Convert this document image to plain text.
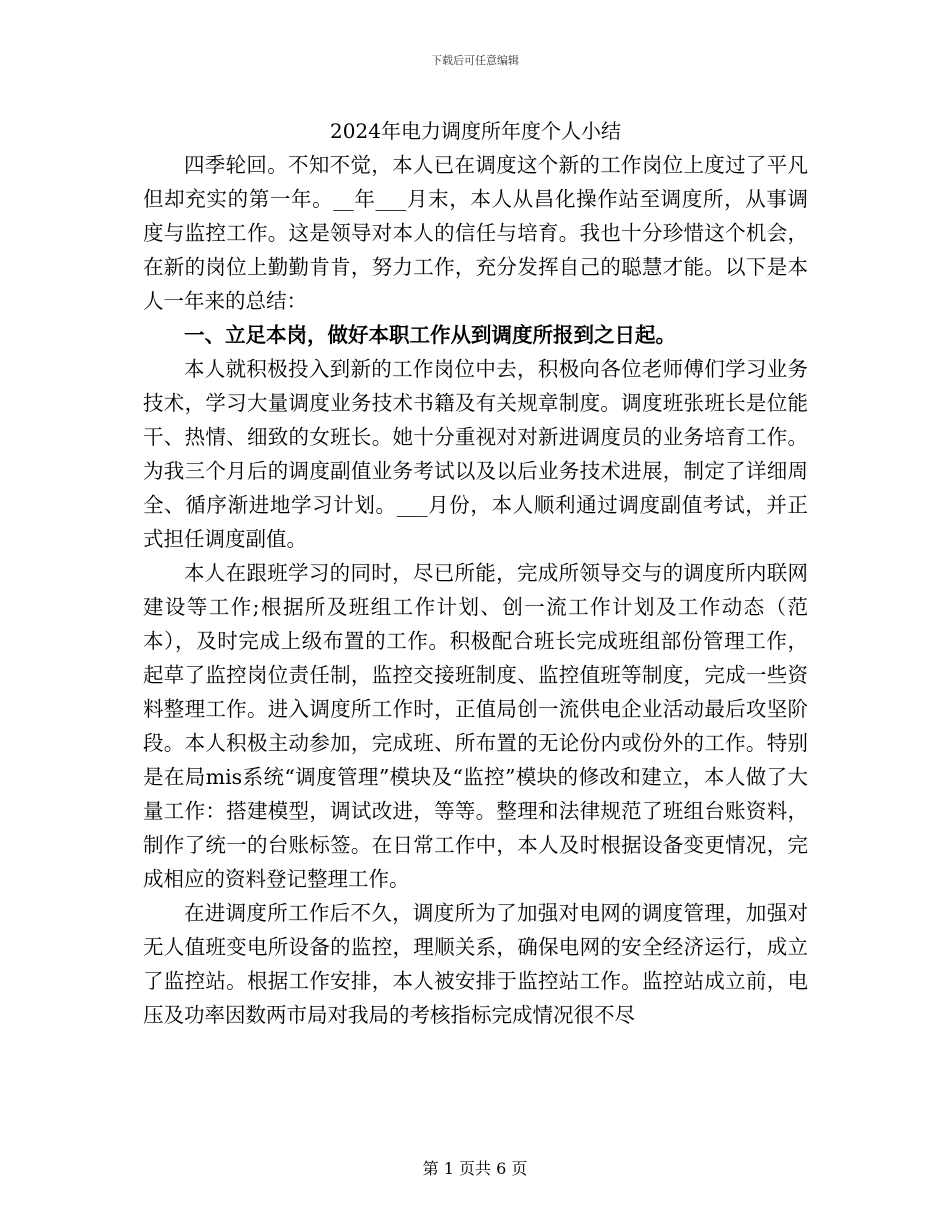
下载后可任意编辑
2024年电力调度所年度个人小结

四季轮回。不知不觉，本人已在调度这个新的工作岗位上度过了平凡但却充实的第一年。__年___月末，本人从昌化操作站至调度所，从事调度与监控工作。这是领导对本人的信任与培育。我也十分珍惜这个机会，在新的岗位上勤勤肯肯，努力工作，充分发挥自己的聪慧才能。以下是本人一年来的总结：

一、立足本岗，做好本职工作从到调度所报到之日起。

本人就积极投入到新的工作岗位中去，积极向各位老师傅们学习业务技术，学习大量调度业务技术书籍及有关规章制度。调度班张班长是位能干、热情、细致的女班长。她十分重视对对新进调度员的业务培育工作。为我三个月后的调度副值业务考试以及以后业务技术进展，制定了详细周全、循序渐进地学习计划。___月份，本人顺利通过调度副值考试，并正式担任调度副值。

本人在跟班学习的同时，尽已所能，完成所领导交与的调度所内联网建设等工作;根据所及班组工作计划、创一流工作计划及工作动态（范本），及时完成上级布置的工作。积极配合班长完成班组部份管理工作，起草了监控岗位责任制，监控交接班制度、监控值班等制度，完成一些资料整理工作。进入调度所工作时，正值局创一流供电企业活动最后攻坚阶段。本人积极主动参加，完成班、所布置的无论份内或份外的工作。特别是在局mis系统“调度管理”模块及“监控”模块的修改和建立，本人做了大量工作：搭建模型，调试改进，等等。整理和法律规范了班组台账资料，制作了统一的台账标签。在日常工作中，本人及时根据设备变更情况，完成相应的资料登记整理工作。

在进调度所工作后不久，调度所为了加强对电网的调度管理，加强对无人值班变电所设备的监控，理顺关系，确保电网的安全经济运行，成立了监控站。根据工作安排，本人被安排于监控站工作。监控站成立前，电压及功率因数两市局对我局的考核指标完成情况很不尽

第 1 页共 6 页
